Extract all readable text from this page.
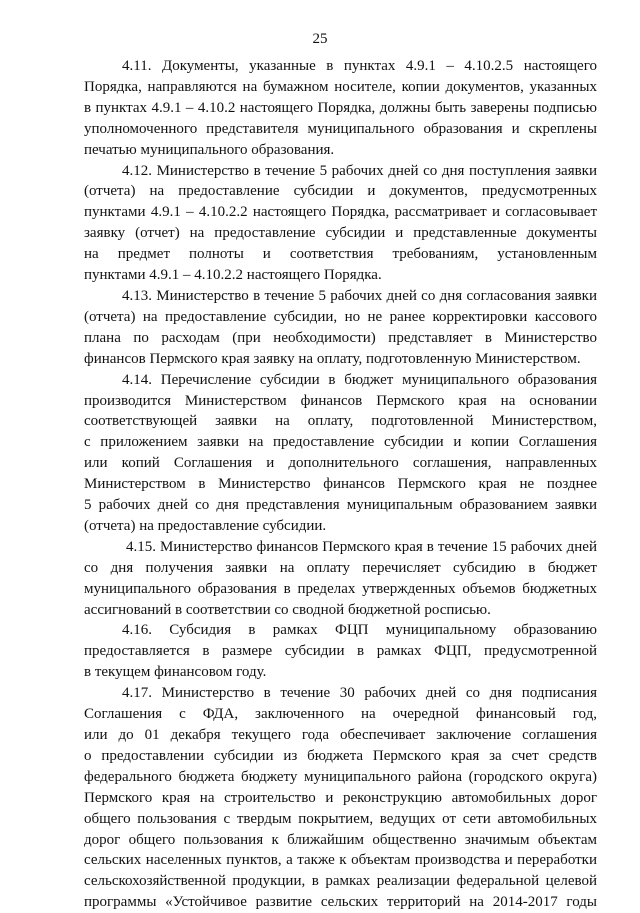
25
4.11. Документы, указанные в пунктах 4.9.1 – 4.10.2.5 настоящего
Порядка, направляются на бумажном носителе, копии документов, указанных
в пунктах 4.9.1 – 4.10.2 настоящего Порядка, должны быть заверены подписью
уполномоченного представителя муниципального образования и скреплены
печатью муниципального образования.
4.12. Министерство в течение 5 рабочих дней со дня поступления заявки
(отчета) на предоставление субсидии и документов, предусмотренных
пунктами 4.9.1 – 4.10.2.2 настоящего Порядка, рассматривает и согласовывает
заявку (отчет) на предоставление субсидии и представленные документы
на предмет полноты и соответствия требованиям, установленным
пунктами 4.9.1 – 4.10.2.2 настоящего Порядка.
4.13. Министерство в течение 5 рабочих дней со дня согласования заявки
(отчета) на предоставление субсидии, но не ранее корректировки кассового
плана по расходам (при необходимости) представляет в Министерство
финансов Пермского края заявку на оплату, подготовленную Министерством.
4.14. Перечисление субсидии в бюджет муниципального образования
производится Министерством финансов Пермского края на основании
соответствующей заявки на оплату, подготовленной Министерством,
с приложением заявки на предоставление субсидии и копии Соглашения
или копий Соглашения и дополнительного соглашения, направленных
Министерством в Министерство финансов Пермского края не позднее
5 рабочих дней со дня представления муниципальным образованием заявки
(отчета) на предоставление субсидии.
4.15. Министерство финансов Пермского края в течение 15 рабочих дней
со дня получения заявки на оплату перечисляет субсидию в бюджет
муниципального образования в пределах утвержденных объемов бюджетных
ассигнований в соответствии со сводной бюджетной росписью.
4.16. Субсидия в рамках ФЦП муниципальному образованию
предоставляется в размере субсидии в рамках ФЦП, предусмотренной
в текущем финансовом году.
4.17. Министерство в течение 30 рабочих дней со дня подписания
Соглашения с ФДА, заключенного на очередной финансовый год,
или до 01 декабря текущего года обеспечивает заключение соглашения
о предоставлении субсидии из бюджета Пермского края за счет средств
федерального бюджета бюджету муниципального района (городского округа)
Пермского края на строительство и реконструкцию автомобильных дорог
общего пользования с твердым покрытием, ведущих от сети автомобильных
дорог общего пользования к ближайшим общественно значимым объектам
сельских населенных пунктов, а также к объектам производства и переработки
сельскохозяйственной продукции, в рамках реализации федеральной целевой
программы «Устойчивое развитие сельских территорий на 2014-2017 годы
